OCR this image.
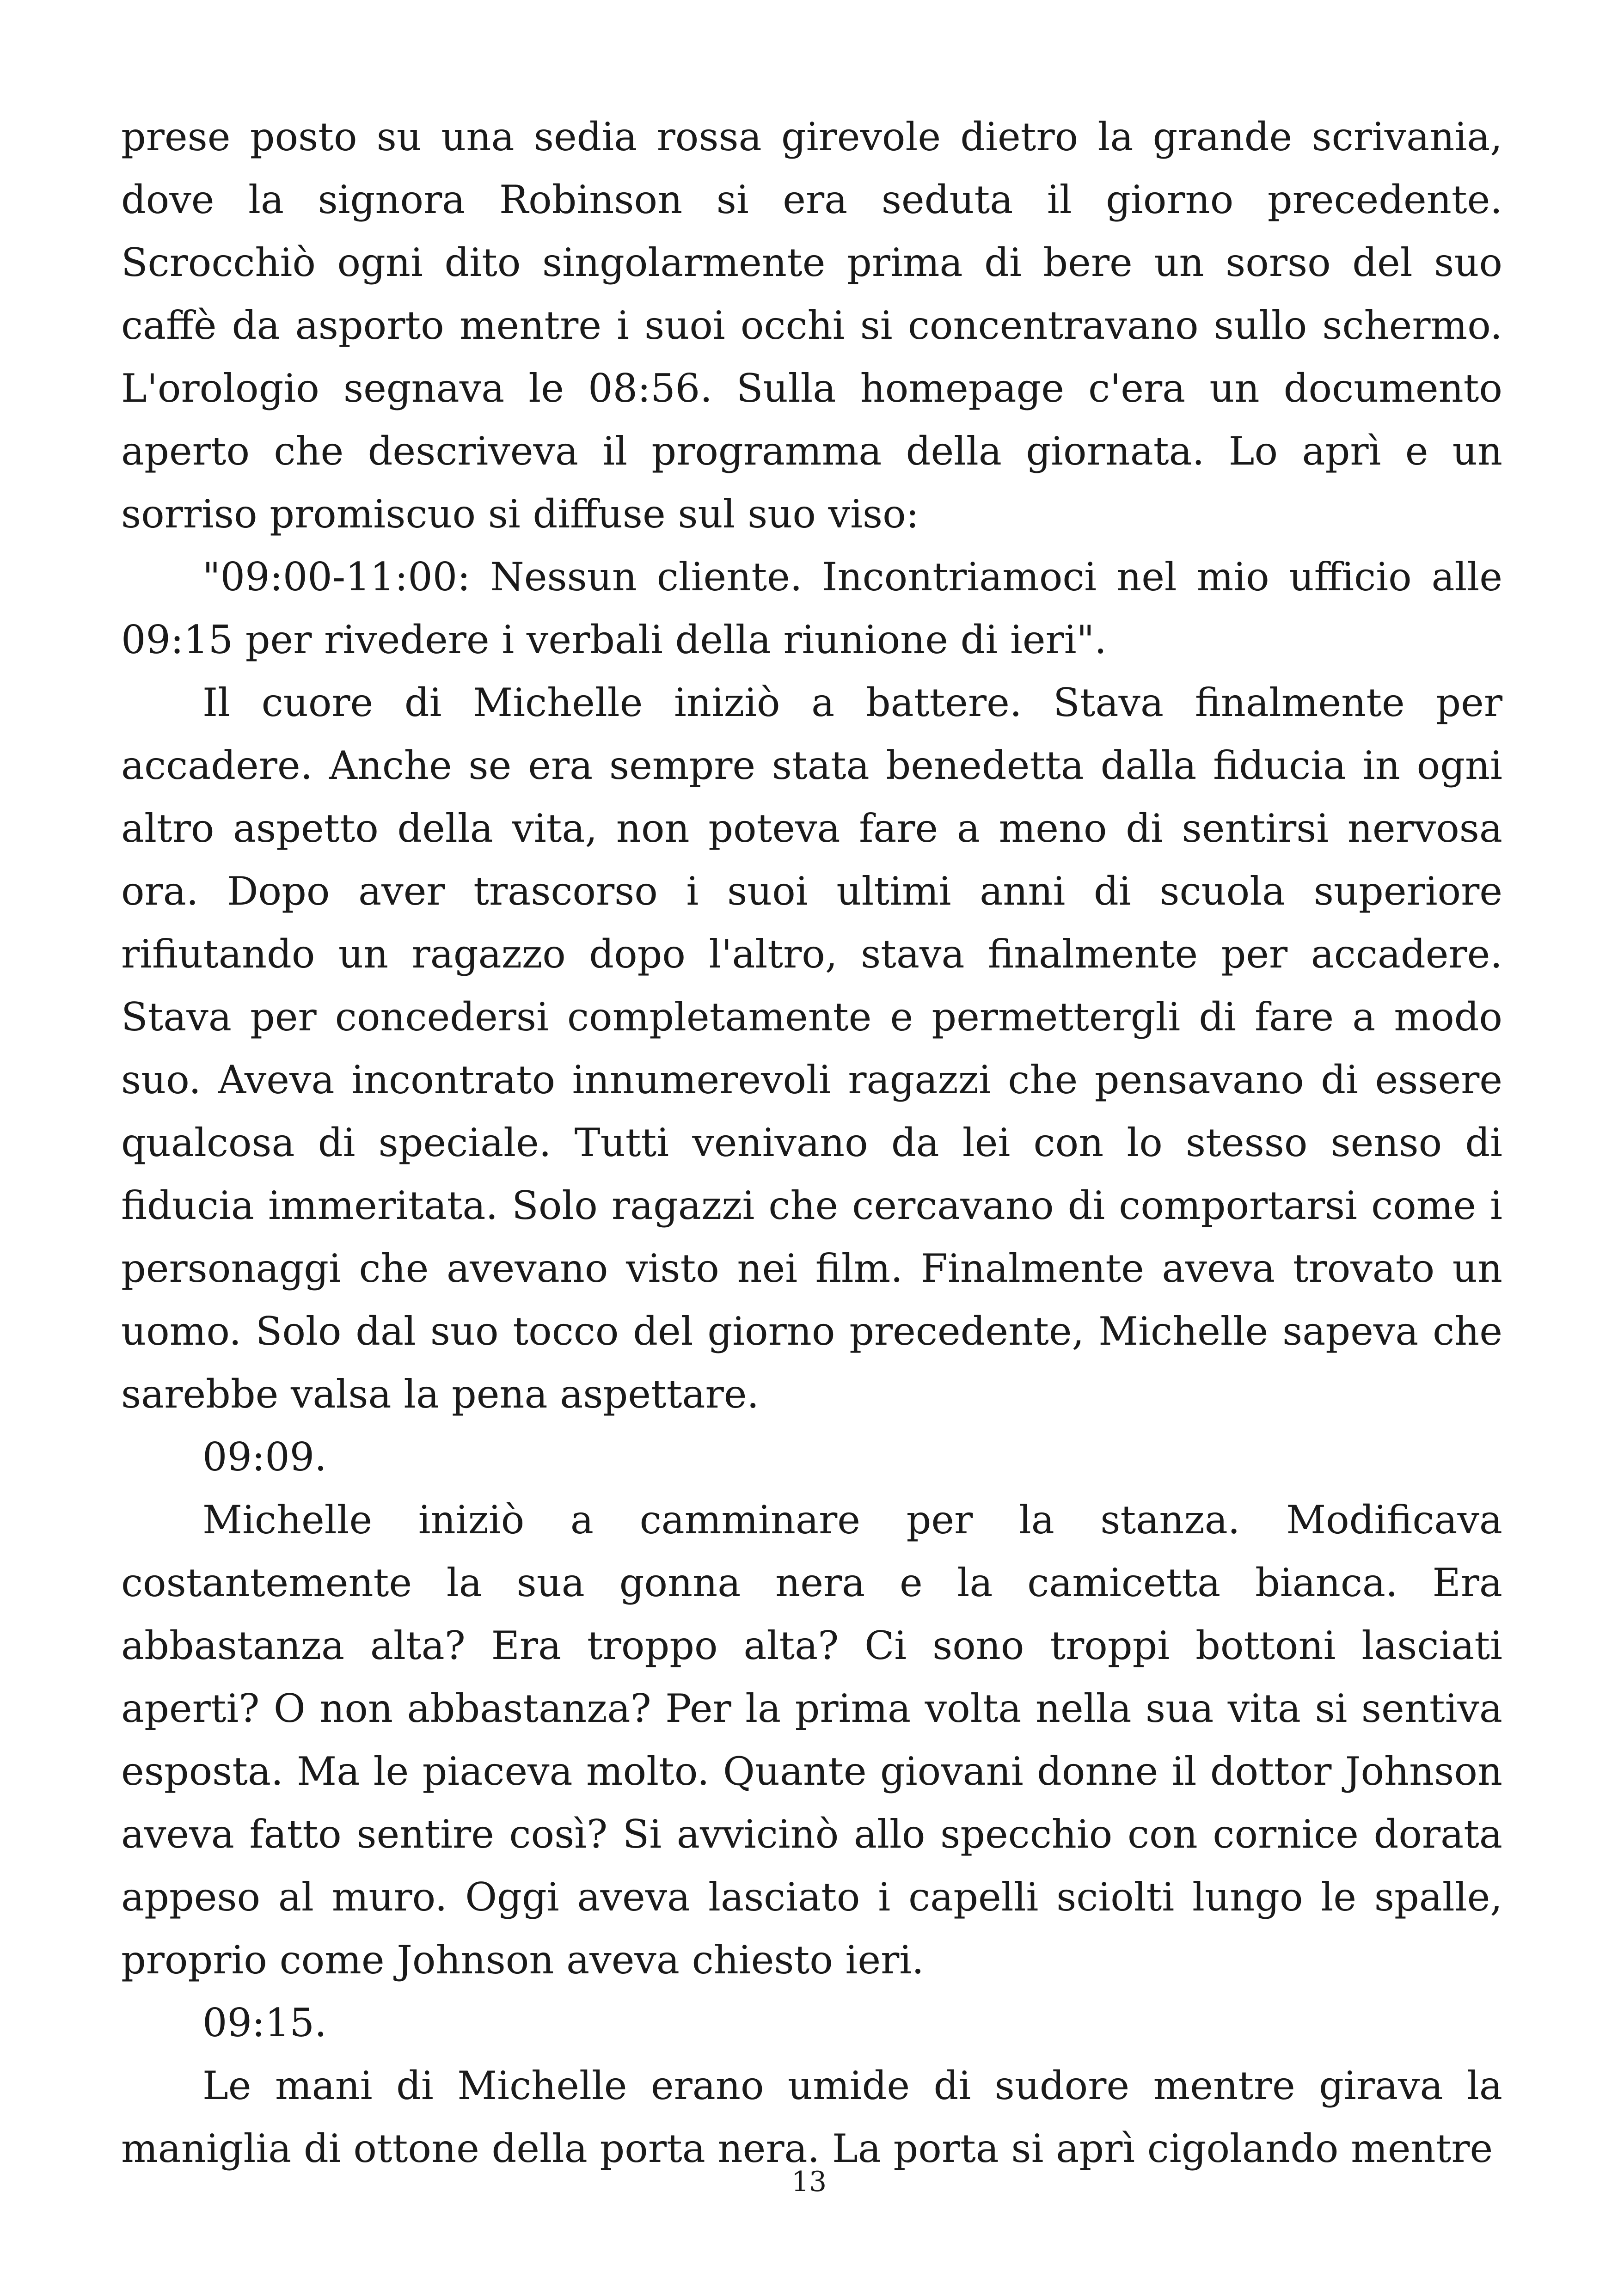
prese posto su una sedia rossa girevole dietro la grande scrivania, dove la signora Robinson si era seduta il giorno precedente. Scrocchiò ogni dito singolarmente prima di bere un sorso del suo caffè da asporto mentre i suoi occhi si concentravano sullo schermo. L'orologio segnava le 08:56. Sulla homepage c'era un documento aperto che descriveva il programma della giornata. Lo aprì e un sorriso promiscuo si diffuse sul suo viso:

"09:00-11:00: Nessun cliente. Incontriamoci nel mio ufficio alle 09:15 per rivedere i verbali della riunione di ieri".

Il cuore di Michelle iniziò a battere. Stava finalmente per accadere. Anche se era sempre stata benedetta dalla fiducia in ogni altro aspetto della vita, non poteva fare a meno di sentirsi nervosa ora. Dopo aver trascorso i suoi ultimi anni di scuola superiore rifiutando un ragazzo dopo l'altro, stava finalmente per accadere. Stava per concedersi completamente e permettergli di fare a modo suo. Aveva incontrato innumerevoli ragazzi che pensavano di essere qualcosa di speciale. Tutti venivano da lei con lo stesso senso di fiducia immeritata. Solo ragazzi che cercavano di comportarsi come i personaggi che avevano visto nei film. Finalmente aveva trovato un uomo. Solo dal suo tocco del giorno precedente, Michelle sapeva che sarebbe valsa la pena aspettare.

09:09.

Michelle iniziò a camminare per la stanza. Modificava costantemente la sua gonna nera e la camicetta bianca. Era abbastanza alta? Era troppo alta? Ci sono troppi bottoni lasciati aperti? O non abbastanza? Per la prima volta nella sua vita si sentiva esposta. Ma le piaceva molto. Quante giovani donne il dottor Johnson aveva fatto sentire così? Si avvicinò allo specchio con cornice dorata appeso al muro. Oggi aveva lasciato i capelli sciolti lungo le spalle, proprio come Johnson aveva chiesto ieri.

09:15.

Le mani di Michelle erano umide di sudore mentre girava la maniglia di ottone della porta nera. La porta si aprì cigolando mentre

13
